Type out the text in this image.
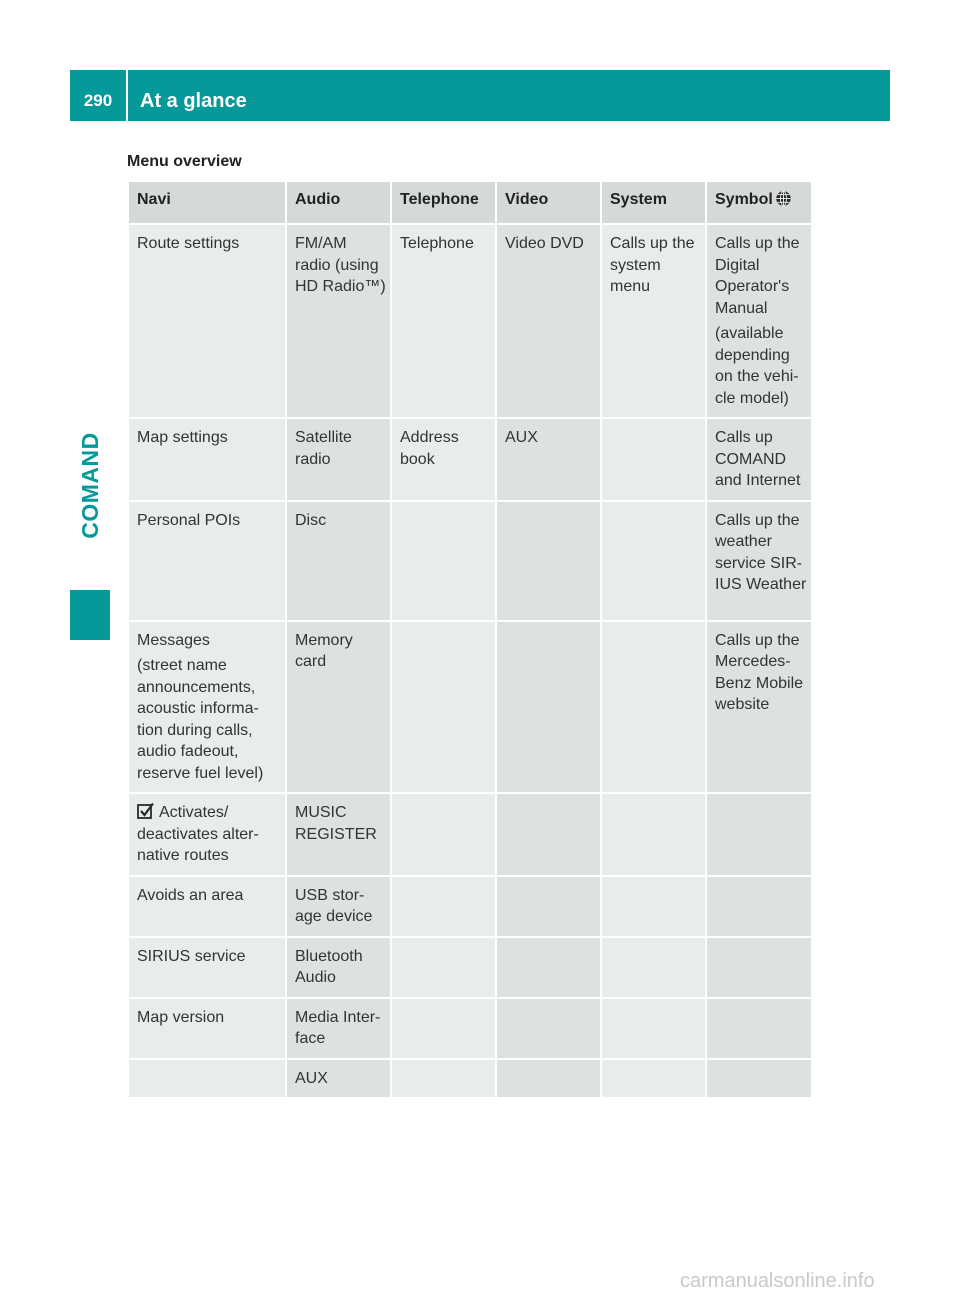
290	At a glance
COMAND
Menu overview
Navi	Audio	Telephone	Video	System	Symbol
Route settings	FM/AM radio (using HD Radio™)	Telephone	Video DVD	Calls up the system menu	Calls up the Digital Operator's Manual
(available depending on the vehi-cle model)

Map settings	Satellite radio	Address book	AUX		Calls up COMAND and Internet
Personal POIs	Disc				Calls up the weather service SIR-IUS Weather
Messages
(street name announcements, acoustic informa-tion during calls, audio fadeout, reserve fuel level)	Memory card				Calls up the Mercedes-Benz Mobile website
Activates/ deactivates alter-native routes	MUSIC REGISTER				
Avoids an area	USB stor-age device				
SIRIUS service	Bluetooth Audio				
Map version	Media Inter-face				
	AUX				
carmanualsonline.info
